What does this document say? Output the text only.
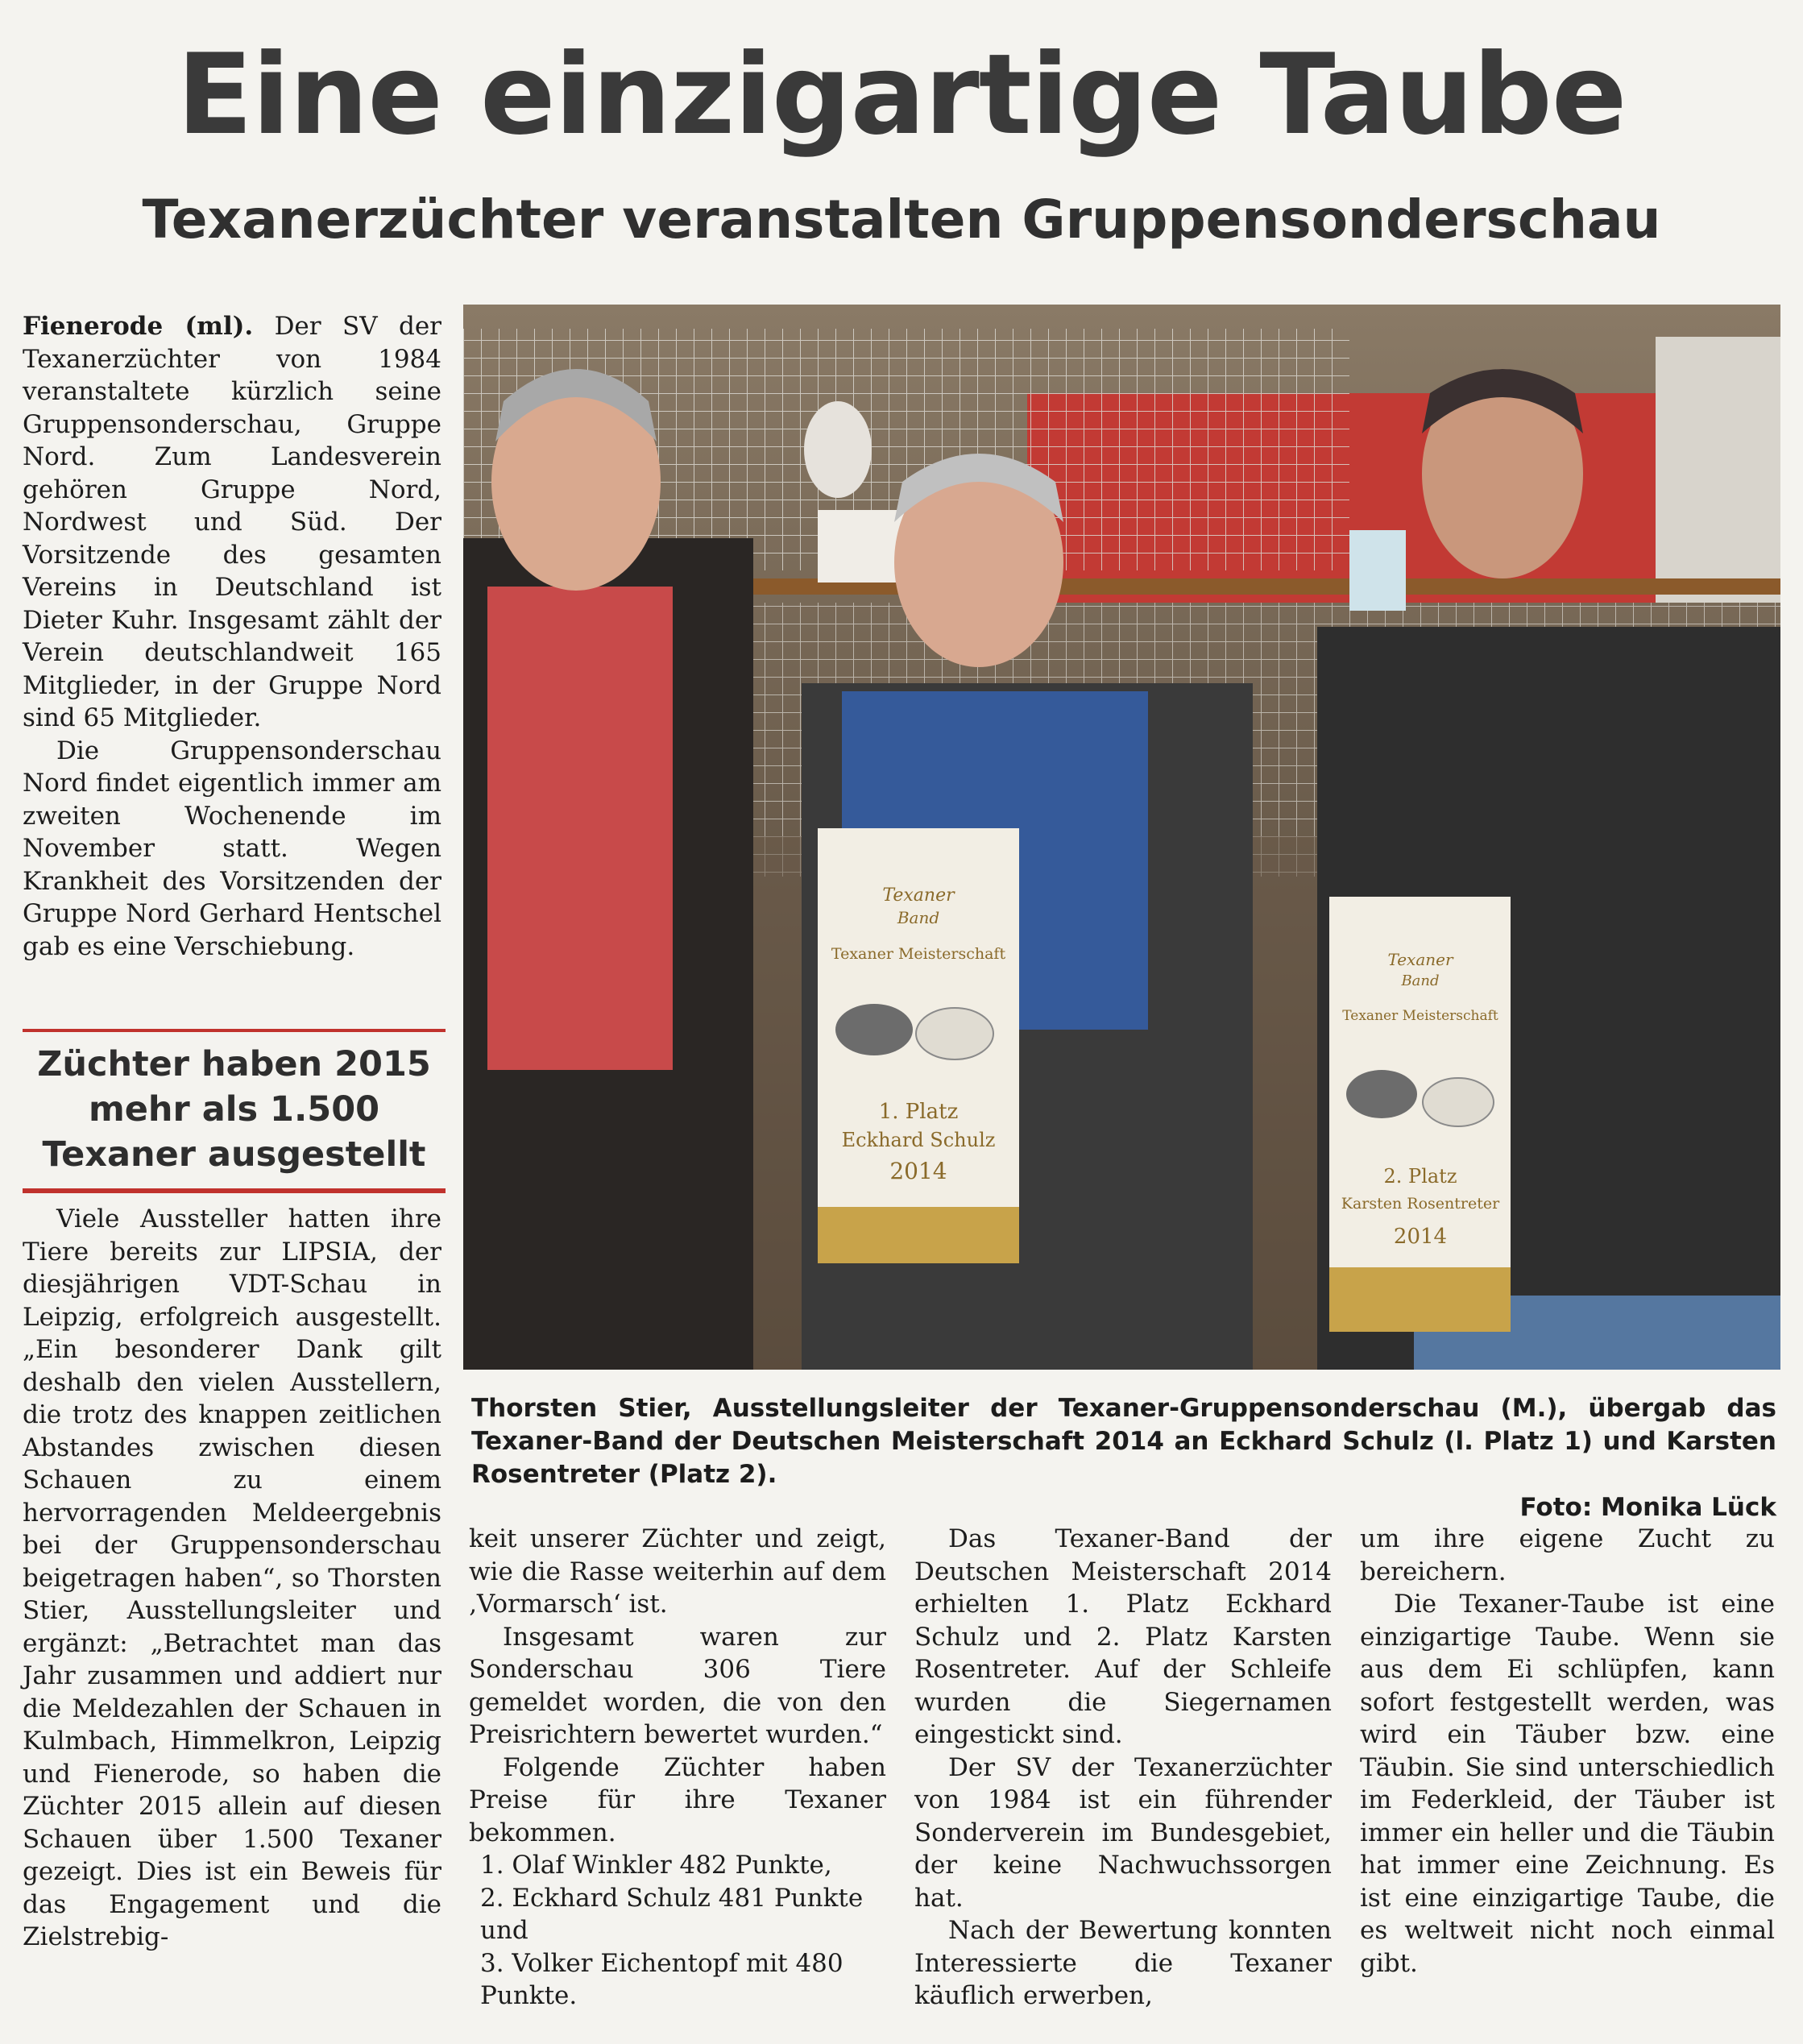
Eine einzigartige Taube
Texanerzüchter veranstalten Gruppensonderschau

Fienerode (ml). Der SV der Texanerzüchter von 1984 veranstaltete kürzlich seine Gruppensonderschau, Gruppe Nord. Zum Landesverein gehören Gruppe Nord, Nordwest und Süd. Der Vorsitzende des gesamten Vereins in Deutschland ist Dieter Kuhr. Insgesamt zählt der Verein deutschlandweit 165 Mitglieder, in der Gruppe Nord sind 65 Mitglieder.

Die Gruppensonderschau Nord findet eigentlich immer am zweiten Wochenende im November statt. Wegen Krankheit des Vorsitzenden der Gruppe Nord Gerhard Hentschel gab es eine Verschiebung.

Züchter haben 2015 mehr als 1.500 Texaner ausgestellt

Viele Aussteller hatten ihre Tiere bereits zur LIPSIA, der diesjährigen VDT-Schau in Leipzig, erfolgreich ausgestellt. „Ein besonderer Dank gilt deshalb den vielen Ausstellern, die trotz des knappen zeitlichen Abstandes zwischen diesen Schauen zu einem hervorragenden Meldeergebnis bei der Gruppensonderschau beigetragen haben“, so Thorsten Stier, Ausstellungsleiter und ergänzt: „Betrachtet man das Jahr zusammen und addiert nur die Meldezahlen der Schauen in Kulmbach, Himmelkron, Leipzig und Fienerode, so haben die Züchter 2015 allein auf diesen Schauen über 1.500 Texaner gezeigt. Dies ist ein Beweis für das Engagement und die Zielstrebig-

Texaner
Band
Texaner Meisterschaft
1. Platz
Eckhard Schulz
2014
Texaner
Band
Texaner Meisterschaft
2. Platz
Karsten Rosentreter
2014
Thorsten Stier, Ausstellungsleiter der Texaner-Gruppensonderschau (M.), übergab das Texaner-Band der Deutschen Meisterschaft 2014 an Eckhard Schulz (l. Platz 1) und Karsten Rosentreter (Platz 2).
Foto: Monika Lück

keit unserer Züchter und zeigt, wie die Rasse weiterhin auf dem ‚Vormarsch‘ ist.

Insgesamt waren zur Sonderschau 306 Tiere gemeldet worden, die von den Preisrichtern bewertet wurden.“

Folgende Züchter haben Preise für ihre Texaner bekommen.

1. Olaf Winkler 482 Punkte,

2. Eckhard Schulz 481 Punkte und

3. Volker Eichentopf mit 480 Punkte.

Das Texaner-Band der Deutschen Meisterschaft 2014 erhielten 1. Platz Eckhard Schulz und 2. Platz Karsten Rosentreter. Auf der Schleife wurden die Siegernamen eingestickt sind.

Der SV der Texanerzüchter von 1984 ist ein führender Sonderverein im Bundesgebiet, der keine Nachwuchssorgen hat.

Nach der Bewertung konnten Interessierte die Texaner käuflich erwerben,

um ihre eigene Zucht zu bereichern.

Die Texaner-Taube ist eine einzigartige Taube. Wenn sie aus dem Ei schlüpfen, kann sofort festgestellt werden, was wird ein Täuber bzw. eine Täubin. Sie sind unterschiedlich im Federkleid, der Täuber ist immer ein heller und die Täubin hat immer eine Zeichnung. Es ist eine einzigartige Taube, die es weltweit nicht noch einmal gibt.
